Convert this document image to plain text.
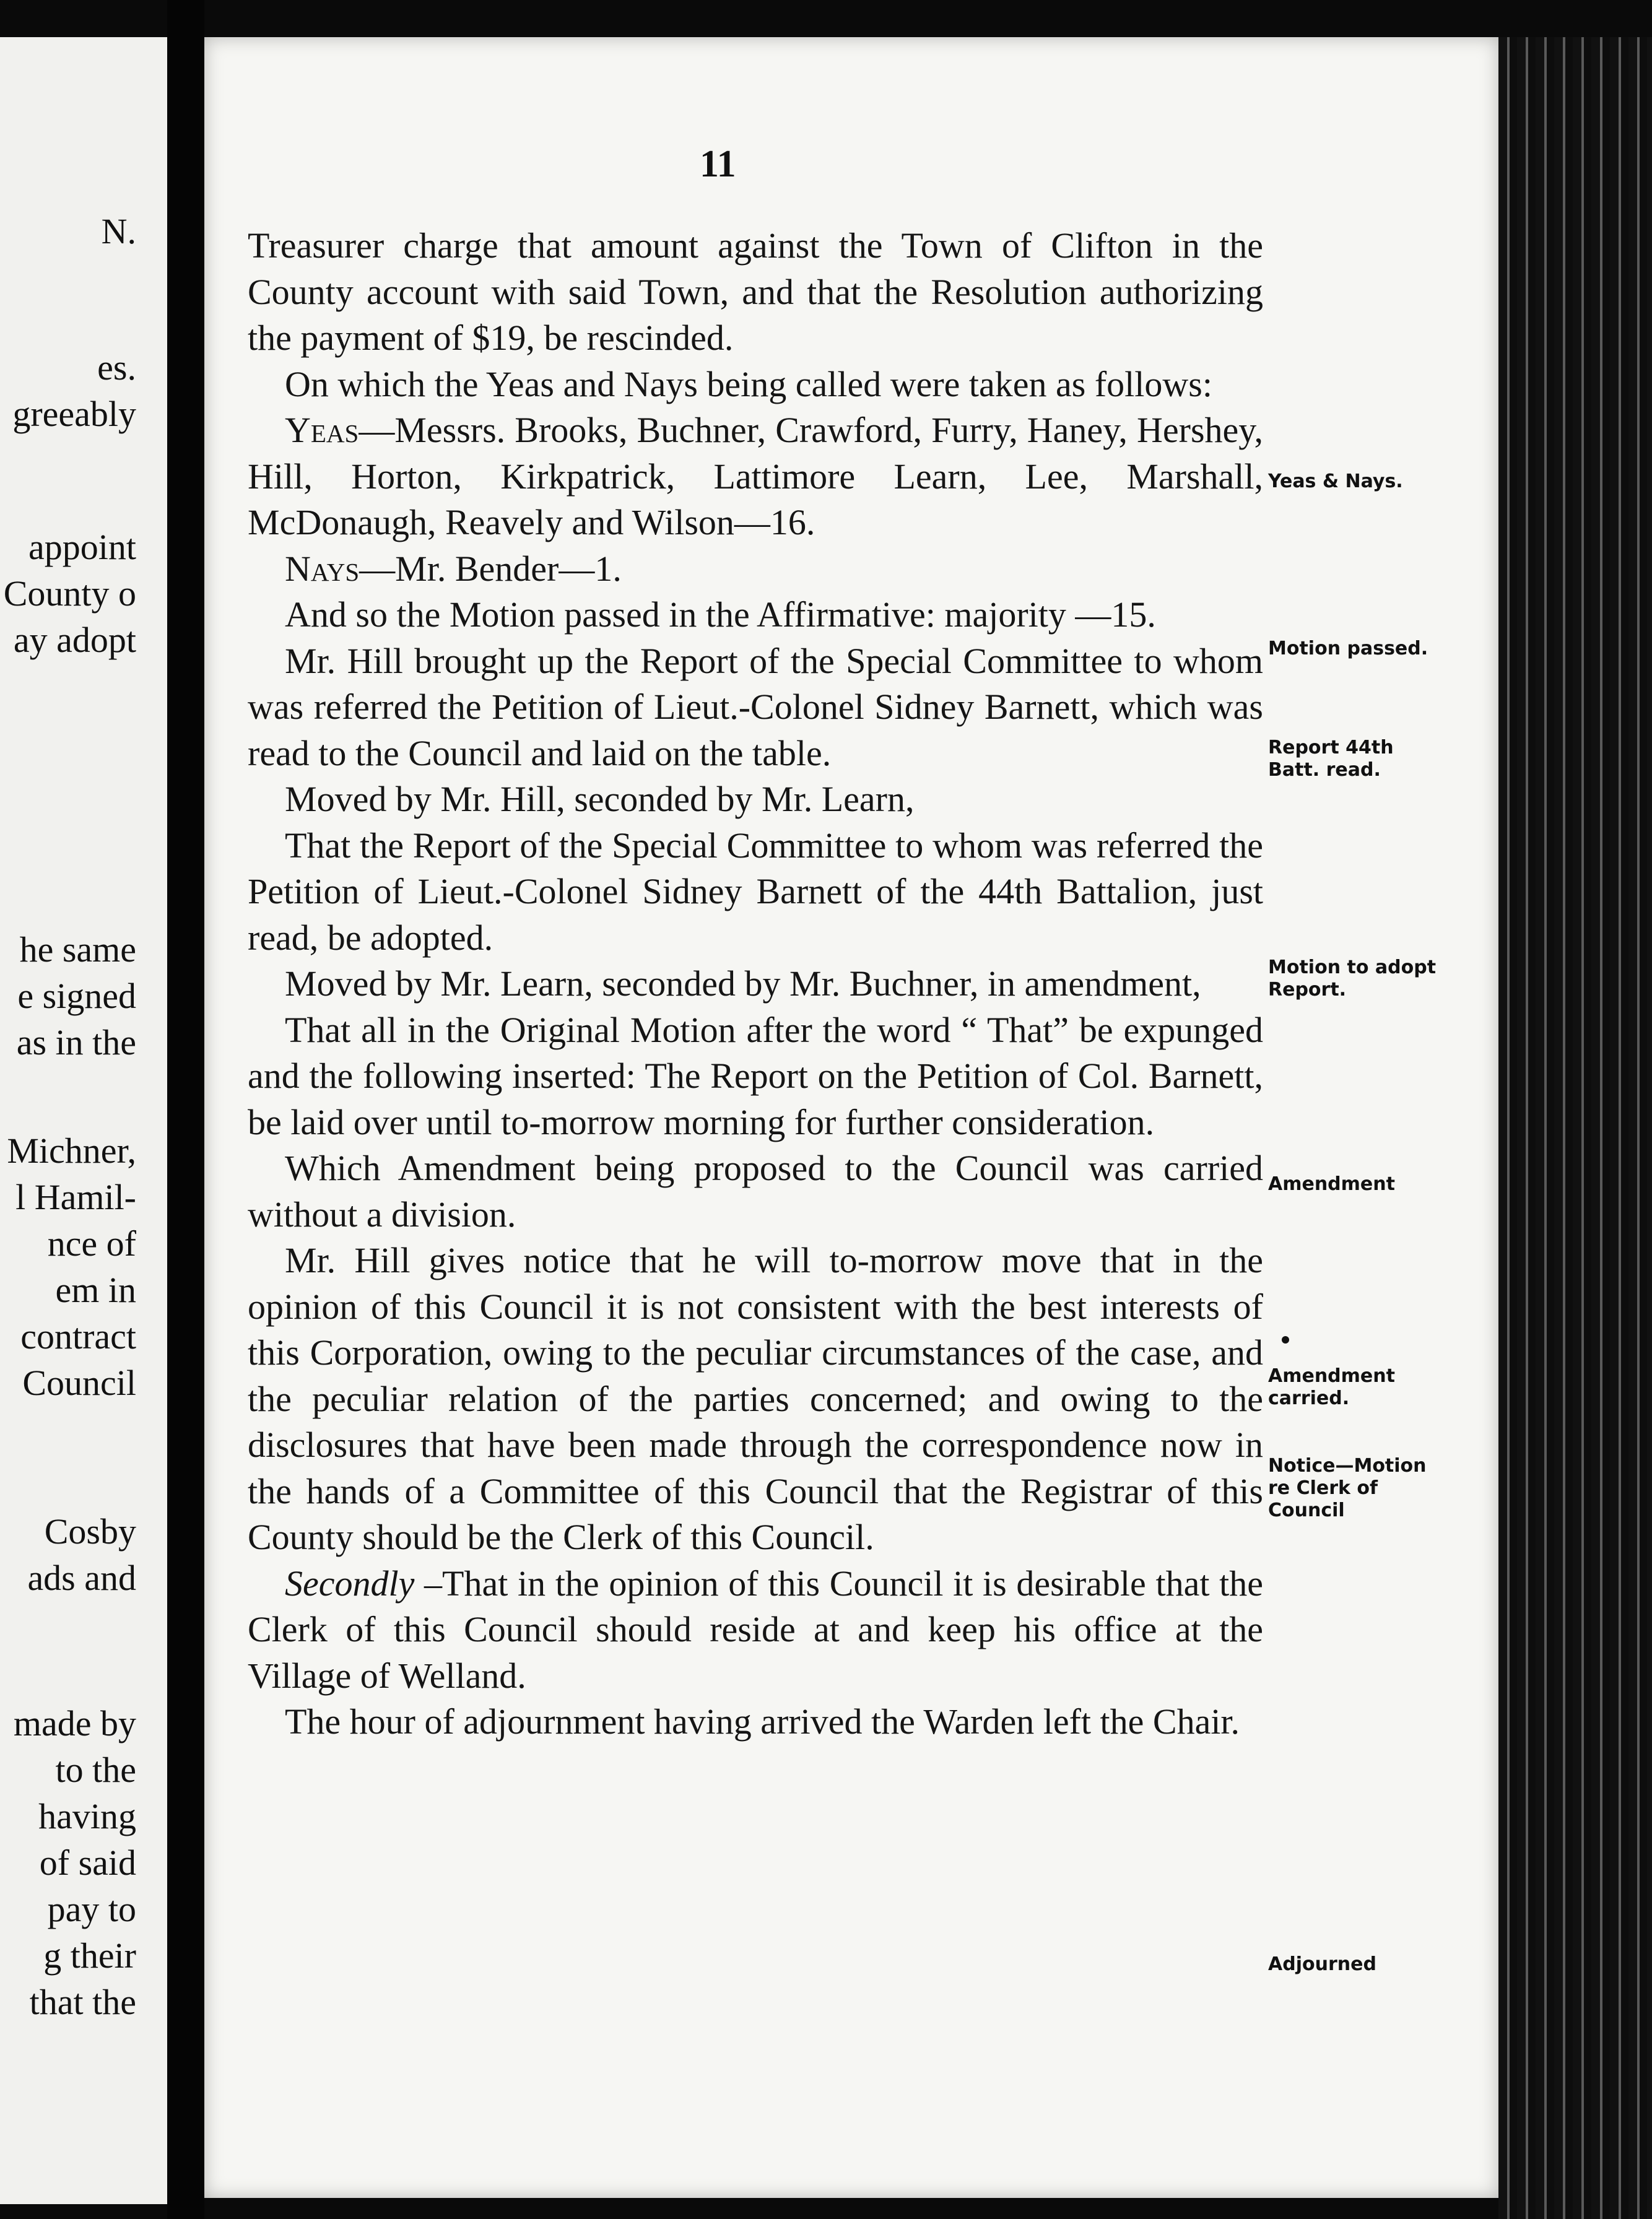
N.
es.
greeably
appoint
County o
ay adopt
he same
e signed
as in the
Michner,
l Hamil-
nce of
em in
contract
Council
Cosby
ads and
made by
to the
having
of said
pay to
g their
that the
11

Treasurer charge that amount against the Town of Clifton in the County account with said Town, and that the Resolution authorizing the payment of $19, be rescinded.

On which the Yeas and Nays being called were taken as follows:

Yeas—Messrs. Brooks, Buchner, Crawford, Furry, Haney, Hershey, Hill, Horton, Kirkpatrick, Lattimore Learn, Lee, Marshall, McDonaugh, Reavely and Wilson—16.

Nays—Mr. Bender—1.

And so the Motion passed in the Affirmative: majority —15.

Mr. Hill brought up the Report of the Special Committee to whom was referred the Petition of Lieut.-Colonel Sidney Barnett, which was read to the Council and laid on the table.

Moved by Mr. Hill, seconded by Mr. Learn,

That the Report of the Special Committee to whom was referred the Petition of Lieut.-Colonel Sidney Barnett of the 44th Battalion, just read, be adopted.

Moved by Mr. Learn, seconded by Mr. Buchner, in amendment,

That all in the Original Motion after the word “ That” be expunged and the following inserted: The Report on the Petition of Col. Barnett, be laid over until to-morrow morning for further consideration.

Which Amendment being proposed to the Council was carried without a division.

Mr. Hill gives notice that he will to-morrow move that in the opinion of this Council it is not consistent with the best interests of this Corporation, owing to the peculiar circumstances of the case, and the peculiar relation of the parties concerned; and owing to the disclosures that have been made through the correspondence now in the hands of a Committee of this Council that the Registrar of this County should be the Clerk of this Council.

Secondly –That in the opinion of this Council it is desirable that the Clerk of this Council should reside at and keep his office at the Village of Welland.

The hour of adjournment having arrived the Warden left the Chair.

Yeas & Nays.
Motion passed.
Report 44th
Batt. read.
Motion to adopt
Report.
Amendment
Amendment
carried.
Notice—Motion
re Clerk of
Council
Adjourned
